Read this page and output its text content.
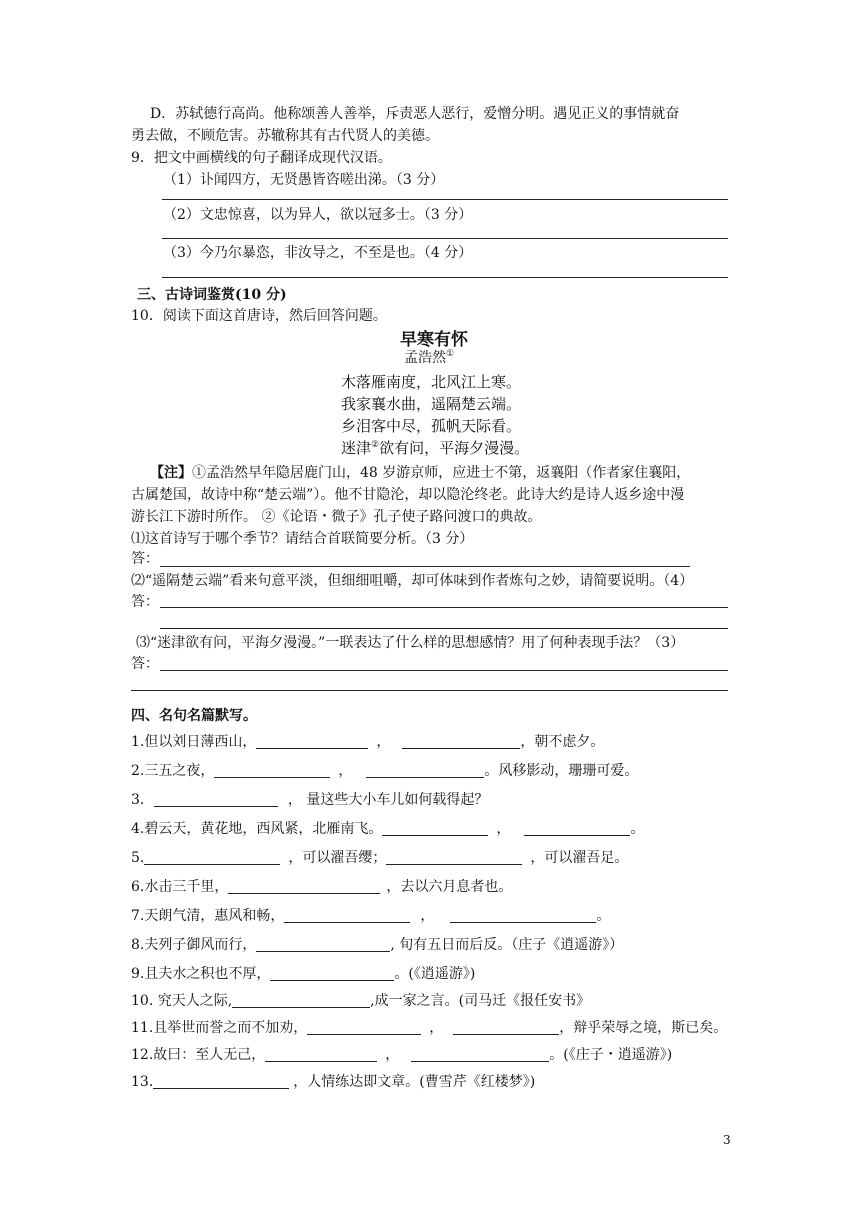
D．苏轼德行高尚。他称颂善人善举，斥责恶人恶行，爱憎分明。遇见正义的事情就奋
勇去做，不顾危害。苏辙称其有古代贤人的美德。
9．把文中画横线的句子翻译成现代汉语。
（1）讣闻四方，无贤愚皆咨嗟出涕。（3 分）
（2）文忠惊喜，以为异人，欲以冠多士。（3 分）
（3）今乃尔暴恣，非汝导之，不至是也。（4 分）
三、古诗词鉴赏(10 分)
10．阅读下面这首唐诗，然后回答问题。
早寒有怀
孟浩然①
木落雁南度，北风江上寒。
我家襄水曲，遥隔楚云端。
乡泪客中尽，孤帆天际看。
迷津②欲有问，平海夕漫漫。
【注】①孟浩然早年隐居鹿门山，48 岁游京师，应进士不第，返襄阳（作者家住襄阳，
古属楚国，故诗中称“楚云端”）。他不甘隐沦，却以隐沦终老。此诗大约是诗人返乡途中漫
游长江下游时所作。 ②《论语・微子》孔子使子路问渡口的典故。
⑴这首诗写于哪个季节？请结合首联简要分析。（3 分）
答：
⑵“遥隔楚云端”看来句意平淡，但细细咀嚼，却可体味到作者炼句之妙，请简要说明。（4）
答：
⑶“迷津欲有问，平海夕漫漫。”一联表达了什么样的思想感情？用了何种表现手法？（3）
答：
四、名句名篇默写。
1.但以刘日薄西山，	，	，朝不虑夕。
2.三五之夜，	，	。风移影动，珊珊可爱。
3．	， 量这些大小车儿如何载得起？
4.碧云天，黄花地，西风紧，北雁南飞。	，	。
5.	，可以濯吾缨；	，可以濯吾足。
6.水击三千里，	，去以六月息者也。
7.天朗气清，惠风和畅，	，	。
8.夫列子御风而行，	, 旬有五日而后反。（庄子《逍遥游》）
9.且夫水之积也不厚，	。(《逍遥游》)
10. 究天人之际,	,成一家之言。(司马迁《报任安书》
11.且举世而誉之而不加劝，	，	，辩乎荣辱之境，斯已矣。
12.故曰：至人无己，	，	。(《庄子・逍遥游》)
13.	，人情练达即文章。(曹雪芹《红楼梦》)
3
